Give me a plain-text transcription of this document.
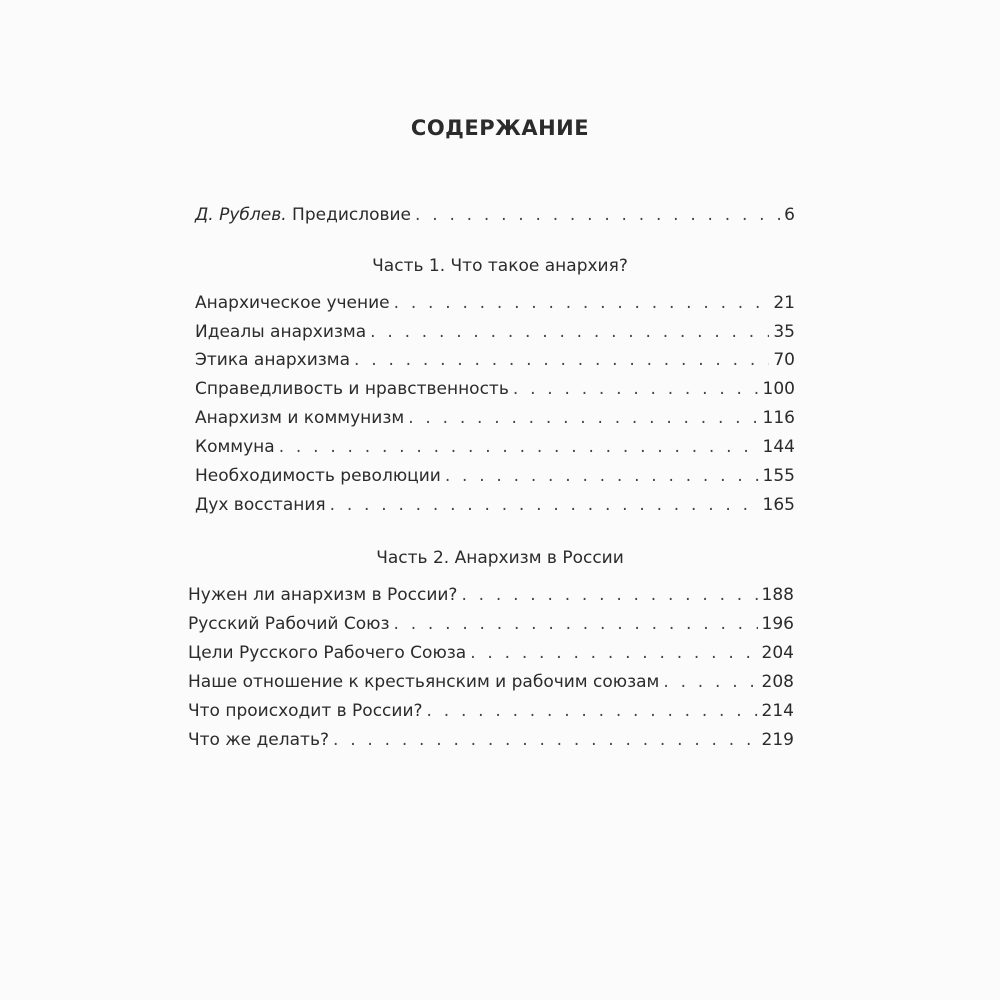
СОДЕРЖАНИЕ
Д. Рублев. Предисловие . . .	6
Часть 1. Что такое анархия?
Анархическое учение . . .	21
Идеалы анархизма . . .	35
Этика анархизма . . .	70
Справедливость и нравственность . . .	100
Анархизм и коммунизм . . .	116
Коммуна . . .	144
Необходимость революции . . .	155
Дух восстания . . .	165
Часть 2. Анархизм в России
Нужен ли анархизм в России? . . .	188
Русский Рабочий Союз . . .	196
Цели Русского Рабочего Союза . . .	204
Наше отношение к крестьянским и рабочим союзам . . .	208
Что происходит в России? . . .	214
Что же делать? . . .	219
